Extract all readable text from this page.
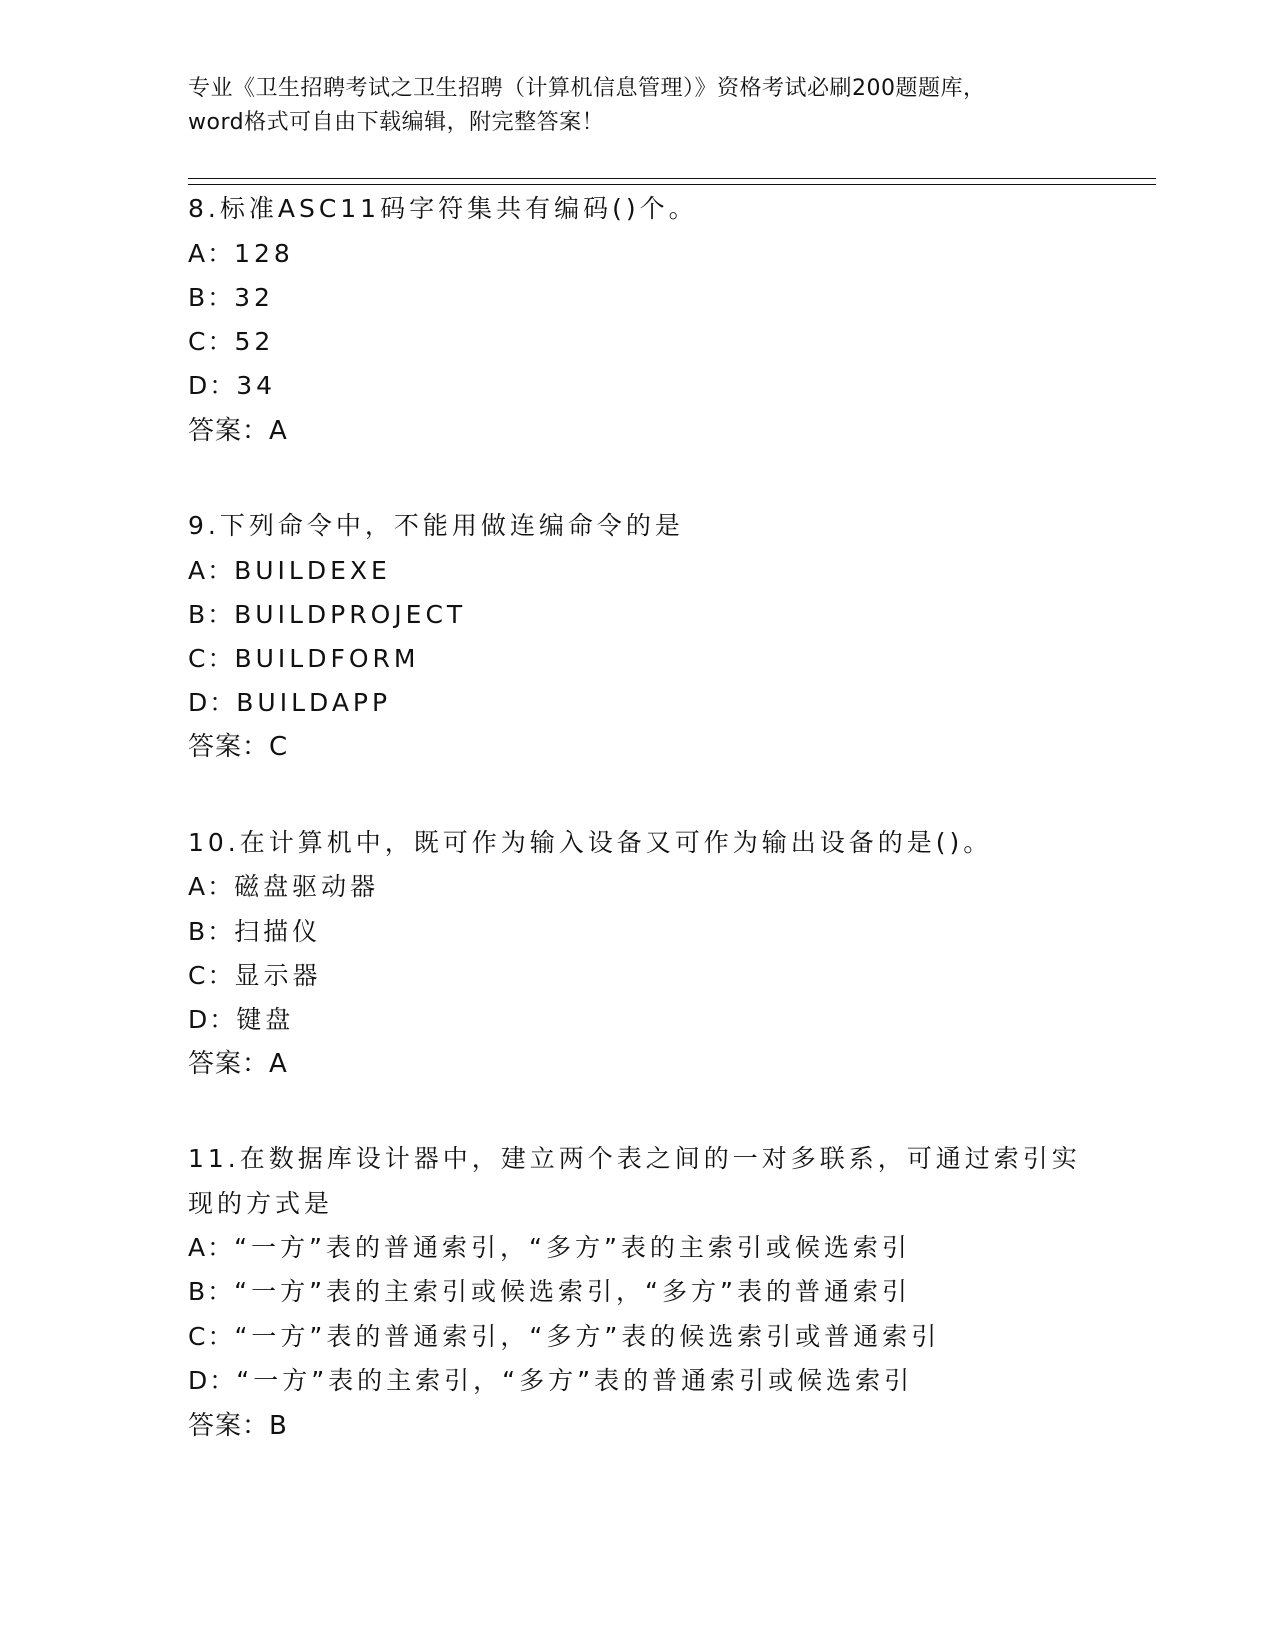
专业《卫生招聘考试之卫生招聘（计算机信息管理）》资格考试必刷200题题库，
word格式可自由下载编辑，附完整答案！
8.标准ASC11码字符集共有编码()个。
A：128
B：32
C：52
D：34
答案：A
9.下列命令中，不能用做连编命令的是
A：BUILDEXE
B：BUILDPROJECT
C：BUILDFORM
D：BUILDAPP
答案：C
10.在计算机中，既可作为输入设备又可作为输出设备的是()。
A：磁盘驱动器
B：扫描仪
C：显示器
D：键盘
答案：A
11.在数据库设计器中，建立两个表之间的一对多联系，可通过索引实
现的方式是
A：“一方”表的普通索引，“多方”表的主索引或候选索引
B：“一方”表的主索引或候选索引，“多方”表的普通索引
C：“一方”表的普通索引，“多方”表的候选索引或普通索引
D：“一方”表的主索引，“多方”表的普通索引或候选索引
答案：B
